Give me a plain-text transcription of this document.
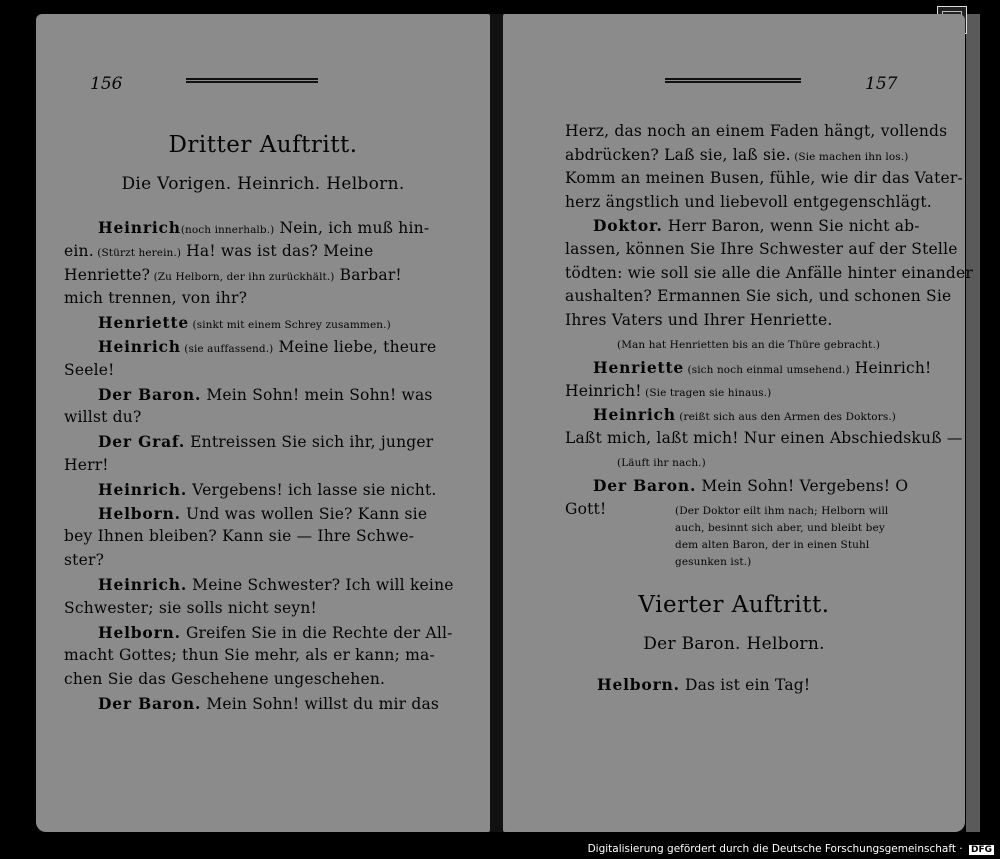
156
Dritter Auftritt.
Die Vorigen. Heinrich. Helborn.
Heinrich(noch innerhalb.) Nein, ich muß hin-
ein. (Stürzt herein.) Ha! was ist das? Meine
Henriette? (Zu Helborn, der ihn zurückhält.) Barbar!
mich trennen, von ihr?
Henriette (sinkt mit einem Schrey zusammen.)
Heinrich (sie auffassend.) Meine liebe, theure
Seele!
Der Baron. Mein Sohn! mein Sohn! was
willst du?
Der Graf. Entreissen Sie sich ihr, junger
Herr!
Heinrich. Vergebens! ich lasse sie nicht.
Helborn. Und was wollen Sie? Kann sie
bey Ihnen bleiben? Kann sie — Ihre Schwe-
ster?
Heinrich. Meine Schwester? Ich will keine
Schwester; sie solls nicht seyn!
Helborn. Greifen Sie in die Rechte der All-
macht Gottes; thun Sie mehr, als er kann; ma-
chen Sie das Geschehene ungeschehen.
Der Baron. Mein Sohn! willst du mir das
157
Herz, das noch an einem Faden hängt, vollends
abdrücken? Laß sie, laß sie. (Sie machen ihn los.)
Komm an meinen Busen, fühle, wie dir das Vater-
herz ängstlich und liebevoll entgegenschlägt.
Doktor. Herr Baron, wenn Sie nicht ab-
lassen, können Sie Ihre Schwester auf der Stelle
tödten: wie soll sie alle die Anfälle hinter einander
aushalten? Ermannen Sie sich, und schonen Sie
Ihres Vaters und Ihrer Henriette.
(Man hat Henrietten bis an die Thüre gebracht.)
Henriette (sich noch einmal umsehend.) Heinrich!
Heinrich! (Sie tragen sie hinaus.)
Heinrich (reißt sich aus den Armen des Doktors.)
Laßt mich, laßt mich! Nur einen Abschiedskuß —
(Läuft ihr nach.)
Der Baron. Mein Sohn! Vergebens! O
Gott!	(Der Doktor eilt ihm nach; Helborn will
auch, besinnt sich aber, und bleibt bey
dem alten Baron, der in einen Stuhl
gesunken ist.)
Vierter Auftritt.
Der Baron. Helborn.
Helborn. Das ist ein Tag!
Digitalisierung gefördert durch die Deutsche Forschungsgemeinschaft · DFG
